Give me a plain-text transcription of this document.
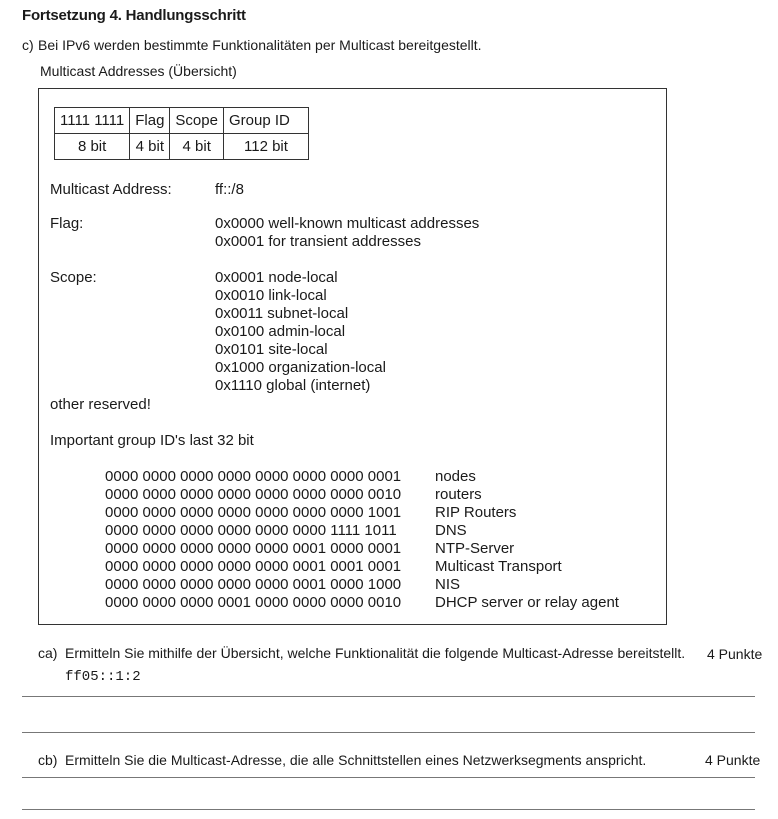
Fortsetzung 4. Handlungsschritt
c) Bei IPv6 werden bestimmte Funktionalitäten per Multicast bereitgestellt.
Multicast Addresses (Übersicht)
1111 1111	Flag	Scope	Group ID
8 bit	4 bit	4 bit	112 bit
Multicast Address:	ff::/8
Flag:	0x0000 well-known multicast addresses
0x0001 for transient addresses
Scope:	0x0001 node-local
0x0010 link-local
0x0011 subnet-local
0x0100 admin-local
0x0101 site-local
0x1000 organization-local
0x1110 global (internet)
other reserved!
Important group ID's last 32 bit
0000 0000 0000 0000 0000 0000 0000 0001 nodes
0000 0000 0000 0000 0000 0000 0000 0010 routers
0000 0000 0000 0000 0000 0000 0000 1001 RIP Routers
0000 0000 0000 0000 0000 0000 1111 1011	DNS
0000 0000 0000 0000 0000 0001 0000 0001 NTP-Server
0000 0000 0000 0000 0000 0001 0001 0001 Multicast Transport
0000 0000 0000 0000 0000 0001 0000 1000 NIS
0000 0000 0000 0001 0000 0000 0000 0010 DHCP server or relay agent
ca) Ermitteln Sie mithilfe der Übersicht, welche Funktionalität die folgende Multicast-Adresse bereitstellt. 4 Punkte
ff05::1:2
cb) Ermitteln Sie die Multicast-Adresse, die alle Schnittstellen eines Netzwerksegments anspricht.	4 Punkte
